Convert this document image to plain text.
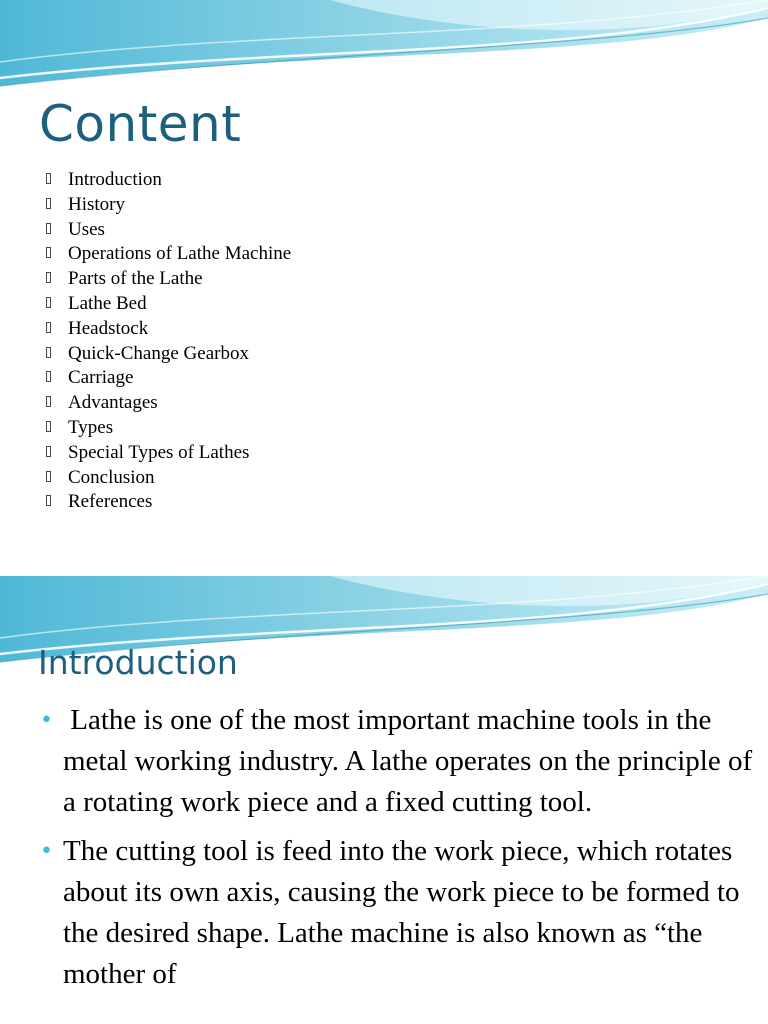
Content
Introduction
History
Uses
Operations of Lathe Machine
Parts of the Lathe
Lathe Bed
Headstock
Quick-Change Gearbox
Carriage
Advantages
Types
Special Types of Lathes
Conclusion
References
Introduction
• Lathe is one of the most important machine tools in the metal working industry. A lathe operates on the principle of a rotating work piece and a fixed cutting tool.
• The cutting tool is feed into the work piece, which rotates about its own axis, causing the work piece to be formed to the desired shape. Lathe machine is also known as “the mother of
